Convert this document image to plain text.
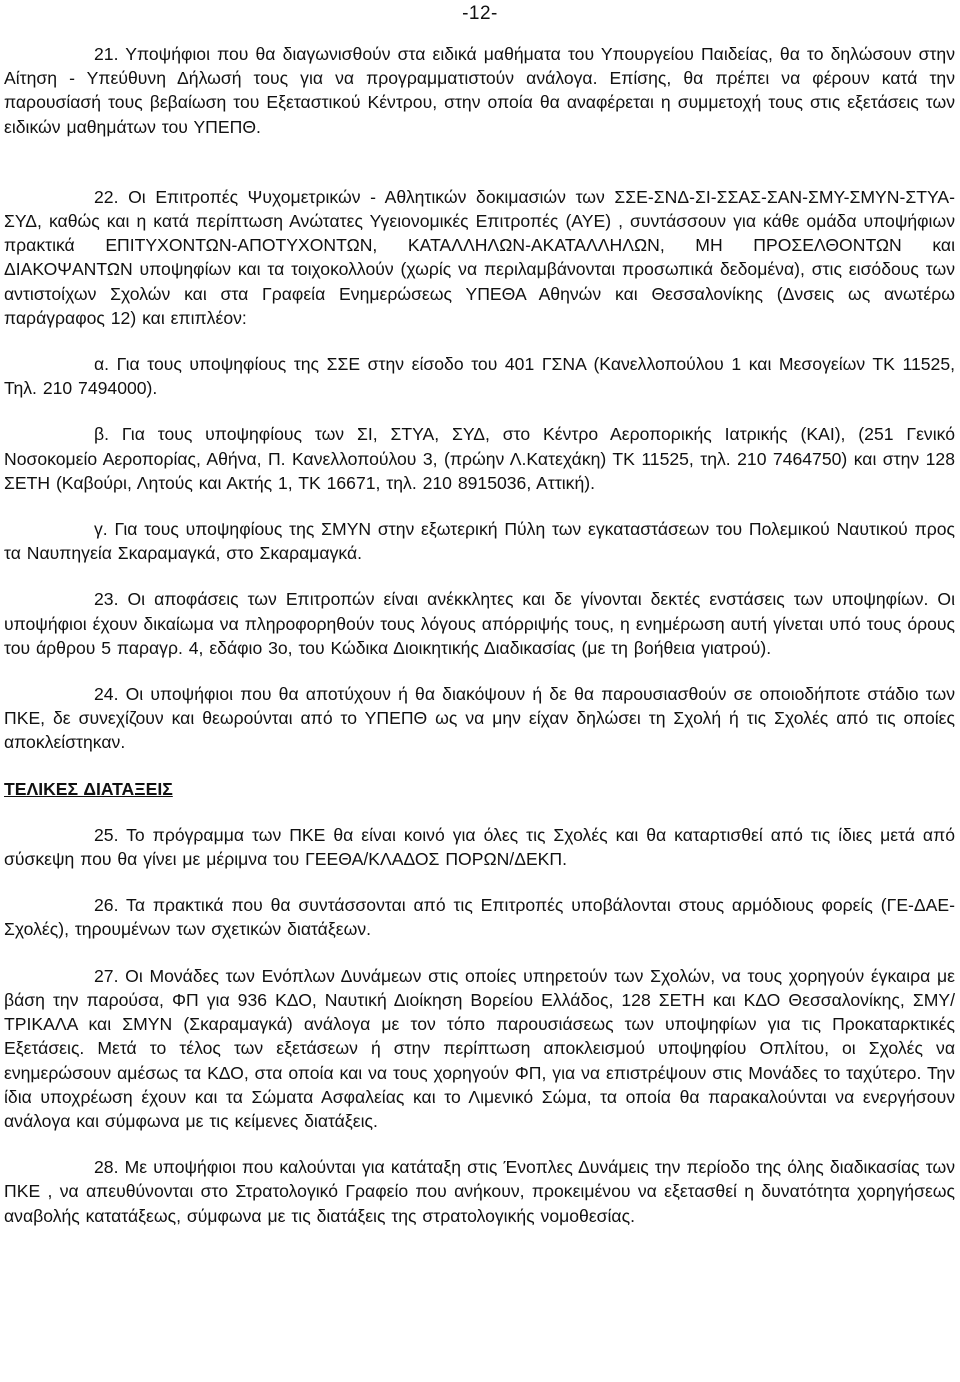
-12-

21. Υποψήφιοι που θα διαγωνισθούν στα ειδικά μαθήματα του Υπουργείου Παιδείας, θα το δηλώσουν στην Αίτηση - Υπεύθυνη Δήλωσή τους για να προγραμματιστούν ανάλογα. Επίσης, θα πρέπει να φέρουν κατά την παρουσίασή τους βεβαίωση του Εξεταστικού Κέντρου, στην οποία θα αναφέρεται η συμμετοχή τους στις εξετάσεις των ειδικών μαθημάτων του ΥΠΕΠΘ.

22. Οι Επιτροπές Ψυχομετρικών - Αθλητικών δοκιμασιών των ΣΣΕ-ΣΝΔ-ΣΙ-ΣΣΑΣ-ΣΑΝ-ΣΜΥ-ΣΜΥΝ-ΣΤΥΑ-ΣΥΔ, καθώς και η κατά περίπτωση Ανώτατες Υγειονομικές Επιτροπές (ΑΥΕ) , συντάσσουν για κάθε ομάδα υποψήφιων πρακτικά ΕΠΙΤΥΧΟΝΤΩΝ-ΑΠΟΤΥΧΟΝΤΩΝ, ΚΑΤΑΛΛΗΛΩΝ-ΑΚΑΤΑΛΛΗΛΩΝ, ΜΗ ΠΡΟΣΕΛΘΟΝΤΩΝ και ΔΙΑΚΟΨΑΝΤΩΝ υποψηφίων και τα τοιχοκολλούν (χωρίς να περιλαμβάνονται προσωπικά δεδομένα), στις εισόδους των αντιστοίχων Σχολών και στα Γραφεία Ενημερώσεως ΥΠΕΘΑ Αθηνών και Θεσσαλονίκης (Δνσεις ως ανωτέρω παράγραφος 12) και επιπλέον:

α. Για τους υποψηφίους της ΣΣΕ στην είσοδο του 401 ΓΣΝΑ (Κανελλοπούλου 1 και Μεσογείων ΤΚ 11525, Τηλ. 210 7494000).

β. Για τους υποψηφίους των ΣΙ, ΣΤΥΑ, ΣΥΔ, στο Κέντρο Αεροπορικής Ιατρικής (ΚΑΙ), (251 Γενικό Νοσοκομείο Αεροπορίας, Αθήνα, Π. Κανελλοπούλου 3, (πρώην Λ.Κατεχάκη) ΤΚ 11525, τηλ. 210 7464750) και στην 128 ΣΕΤΗ (Καβούρι, Λητούς και Ακτής 1, ΤΚ 16671, τηλ. 210 8915036, Αττική).

γ. Για τους υποψηφίους της ΣΜΥΝ στην εξωτερική Πύλη των εγκαταστάσεων του Πολεμικού Ναυτικού προς τα Ναυπηγεία Σκαραμαγκά, στο Σκαραμαγκά.

23. Οι αποφάσεις των Επιτροπών είναι ανέκκλητες και δε γίνονται δεκτές ενστάσεις των υποψηφίων. Οι υποψήφιοι έχουν δικαίωμα να πληροφορηθούν τους λόγους απόρριψής τους, η ενημέρωση αυτή γίνεται υπό τους όρους του άρθρου 5 παραγρ. 4, εδάφιο 3ο, του Κώδικα Διοικητικής Διαδικασίας (με τη βοήθεια γιατρού).

24. Οι υποψήφιοι που θα αποτύχουν ή θα διακόψουν ή δε θα παρουσιασθούν σε οποιοδήποτε στάδιο των ΠΚΕ, δε συνεχίζουν και θεωρούνται από το ΥΠΕΠΘ ως να μην είχαν δηλώσει τη Σχολή ή τις Σχολές από τις οποίες αποκλείστηκαν.

ΤΕΛΙΚΕΣ ΔΙΑΤΑΞΕΙΣ

25. Το πρόγραμμα των ΠΚΕ θα είναι κοινό για όλες τις Σχολές και θα καταρτισθεί από τις ίδιες μετά από σύσκεψη που θα γίνει με μέριμνα του ΓΕΕΘΑ/ΚΛΑΔΟΣ ΠΟΡΩΝ/ΔΕΚΠ.

26. Τα πρακτικά που θα συντάσσονται από τις Επιτροπές υποβάλονται στους αρμόδιους φορείς (ΓΕ-ΔΑΕ-Σχολές), τηρουμένων των σχετικών διατάξεων.

27. Οι Μονάδες των Ενόπλων Δυνάμεων στις οποίες υπηρετούν των Σχολών, να τους χορηγούν έγκαιρα με βάση την παρούσα, ΦΠ για 936 ΚΔΟ, Ναυτική Διοίκηση Βορείου Ελλάδος, 128 ΣΕΤΗ και ΚΔΟ Θεσσαλονίκης, ΣΜΥ/ ΤΡΙΚΑΛΑ και ΣΜΥΝ (Σκαραμαγκά) ανάλογα με τον τόπο παρουσιάσεως των υποψηφίων για τις Προκαταρκτικές Εξετάσεις. Μετά το τέλος των εξετάσεων ή στην περίπτωση αποκλεισμού υποψηφίου Οπλίτου, οι Σχολές να ενημερώσουν αμέσως τα ΚΔΟ, στα οποία και να τους χορηγούν ΦΠ, για να επιστρέψουν στις Μονάδες το ταχύτερο. Την ίδια υποχρέωση έχουν και τα Σώματα Ασφαλείας και το Λιμενικό Σώμα, τα οποία θα παρακαλούνται να ενεργήσουν ανάλογα και σύμφωνα με τις κείμενες διατάξεις.

28. Με υποψήφιοι που καλούνται για κατάταξη στις Ένοπλες Δυνάμεις την περίοδο της όλης διαδικασίας των ΠΚΕ , να απευθύνονται στο Στρατολογικό Γραφείο που ανήκουν, προκειμένου να εξετασθεί η δυνατότητα χορηγήσεως αναβολής κατατάξεως, σύμφωνα με τις διατάξεις της στρατολογικής νομοθεσίας.
